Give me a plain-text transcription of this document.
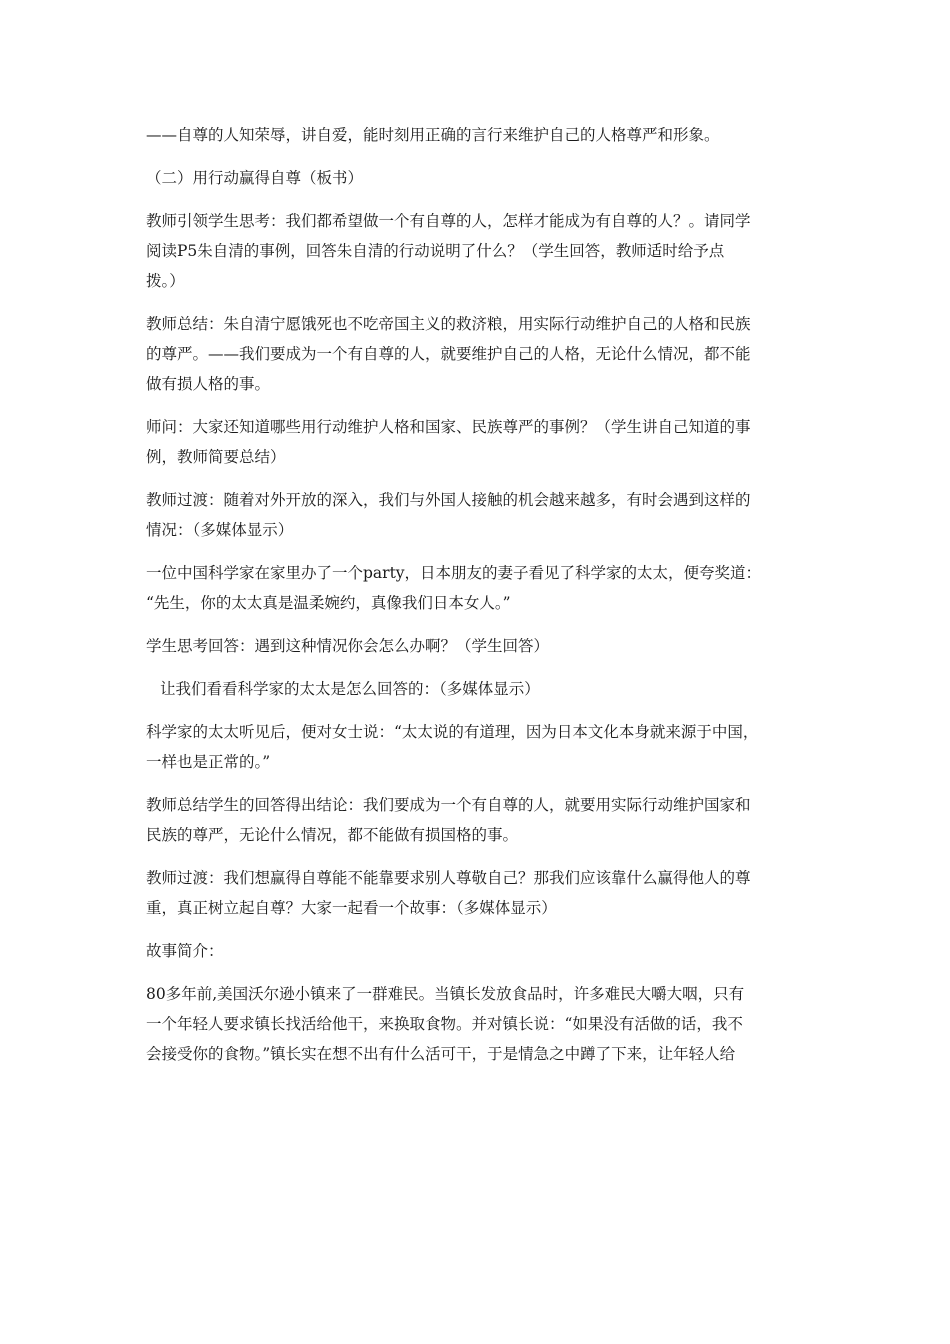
——自尊的人知荣辱，讲自爱，能时刻用正确的言行来维护自己的人格尊严和形象。
（二）用行动赢得自尊（板书）
教师引领学生思考：我们都希望做一个有自尊的人，怎样才能成为有自尊的人？。请同学
阅读P5朱自清的事例，回答朱自清的行动说明了什么？（学生回答，教师适时给予点
拨。）
教师总结：朱自清宁愿饿死也不吃帝国主义的救济粮，用实际行动维护自己的人格和民族
的尊严。——我们要成为一个有自尊的人，就要维护自己的人格，无论什么情况，都不能
做有损人格的事。
师问：大家还知道哪些用行动维护人格和国家、民族尊严的事例？（学生讲自己知道的事
例，教师简要总结）
教师过渡：随着对外开放的深入，我们与外国人接触的机会越来越多，有时会遇到这样的
情况：（多媒体显示）
一位中国科学家在家里办了一个party，日本朋友的妻子看见了科学家的太太，便夸奖道：
“先生，你的太太真是温柔婉约，真像我们日本女人。”
学生思考回答：遇到这种情况你会怎么办啊？（学生回答）
让我们看看科学家的太太是怎么回答的：（多媒体显示）
科学家的太太听见后，便对女士说：“太太说的有道理，因为日本文化本身就来源于中国，
一样也是正常的。”
教师总结学生的回答得出结论：我们要成为一个有自尊的人，就要用实际行动维护国家和
民族的尊严，无论什么情况，都不能做有损国格的事。
教师过渡：我们想赢得自尊能不能靠要求别人尊敬自己？那我们应该靠什么赢得他人的尊
重，真正树立起自尊？大家一起看一个故事：（多媒体显示）
故事简介：
80多年前,美国沃尔逊小镇来了一群难民。当镇长发放食品时，许多难民大嚼大咽，只有
一个年轻人要求镇长找活给他干，来换取食物。并对镇长说：“如果没有活做的话，我不
会接受你的食物。”镇长实在想不出有什么活可干，于是情急之中蹲了下来，让年轻人给
